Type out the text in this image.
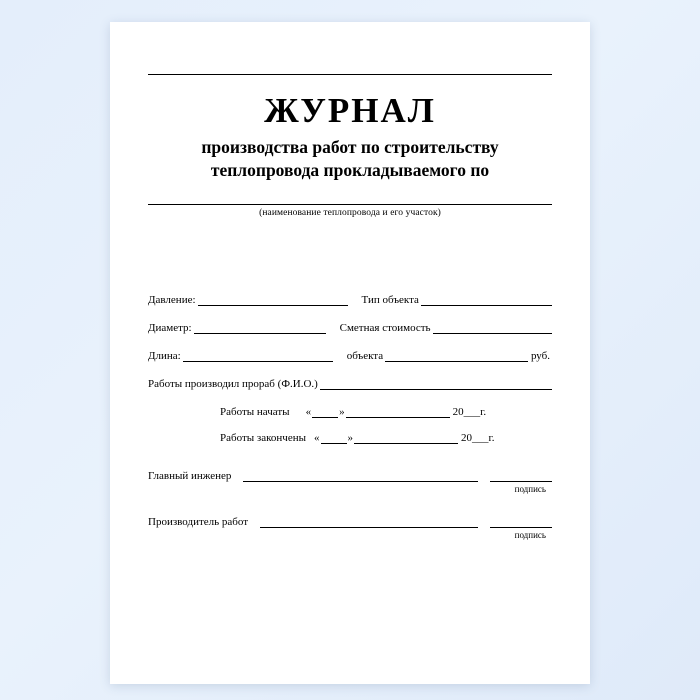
ЖУРНАЛ
производства работ по строительству
теплопровода прокладываемого по
(наименование теплопровода и его участок)
Давление:	Тип объекта
Диаметр:	Сметная стоимость
Длина:	объекта	руб.
Работы производил прораб (Ф.И.О.)
Работы начаты	«	»	20___г.
Работы закончены «	»	20___г.
Главный инженер
подпись
Производитель работ
подпись
